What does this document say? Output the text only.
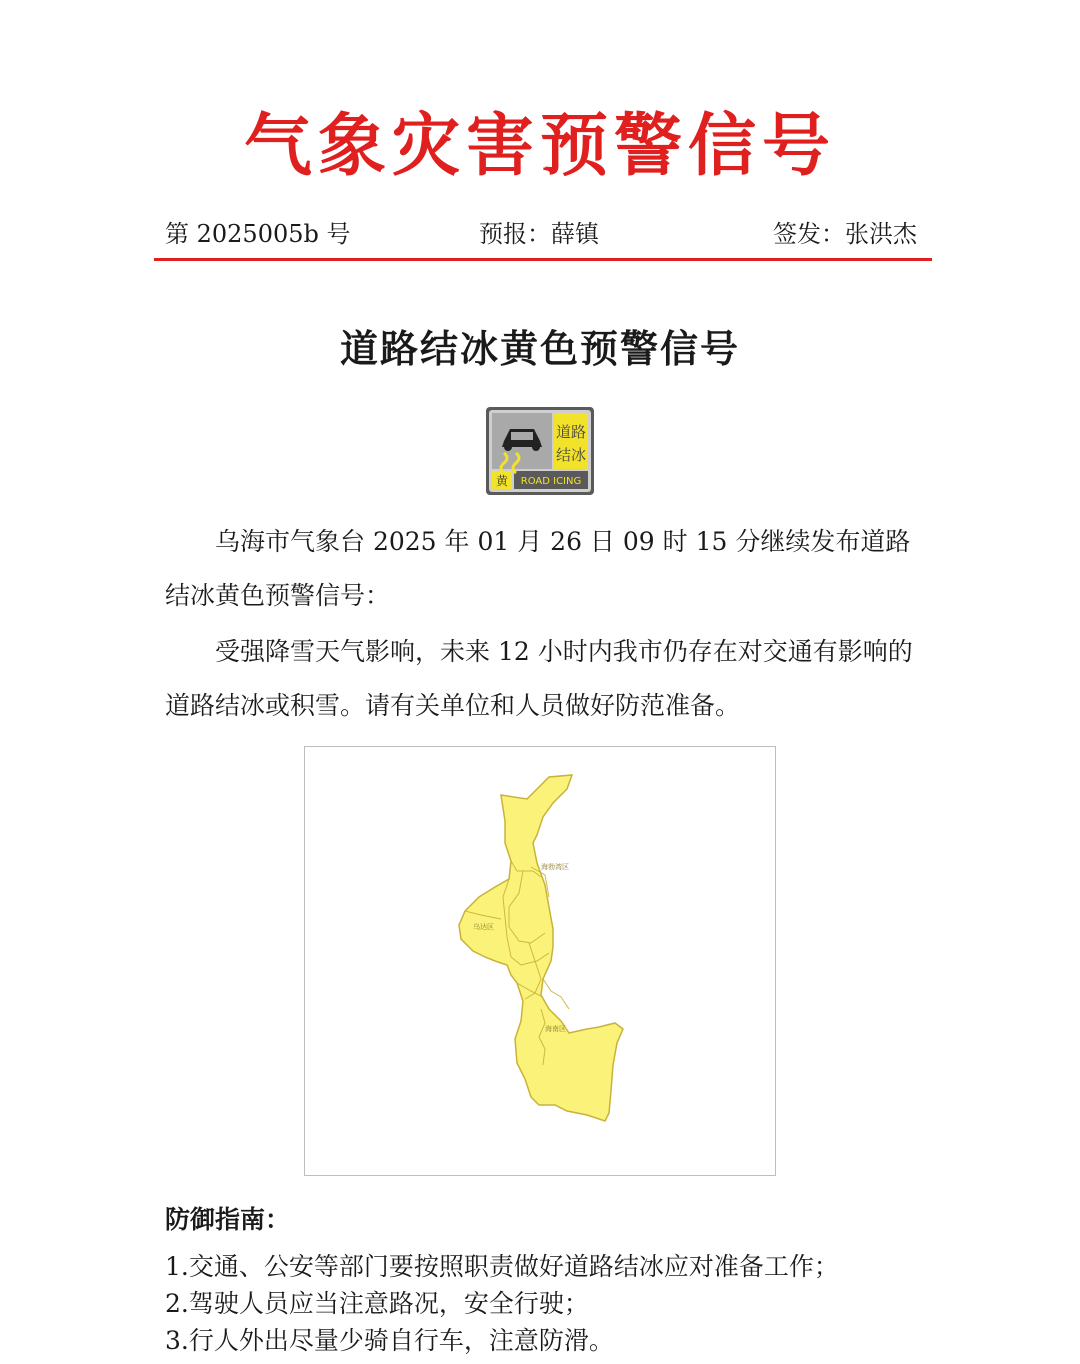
气象灾害预警信号
第 2025005b 号	预报：薛镇	签发：张洪杰
道路结冰黄色预警信号
道路
结冰
黄 ROAD ICING
乌海市气象台 2025 年 01 月 26 日 09 时 15 分继续发布道路结冰黄色预警信号：
受强降雪天气影响，未来 12 小时内我市仍存在对交通有影响的道路结冰或积雪。请有关单位和人员做好防范准备。
海勃湾区
乌达区
海南区
防御指南：
1.交通、公安等部门要按照职责做好道路结冰应对准备工作；
2.驾驶人员应当注意路况，安全行驶；
3.行人外出尽量少骑自行车，注意防滑。
